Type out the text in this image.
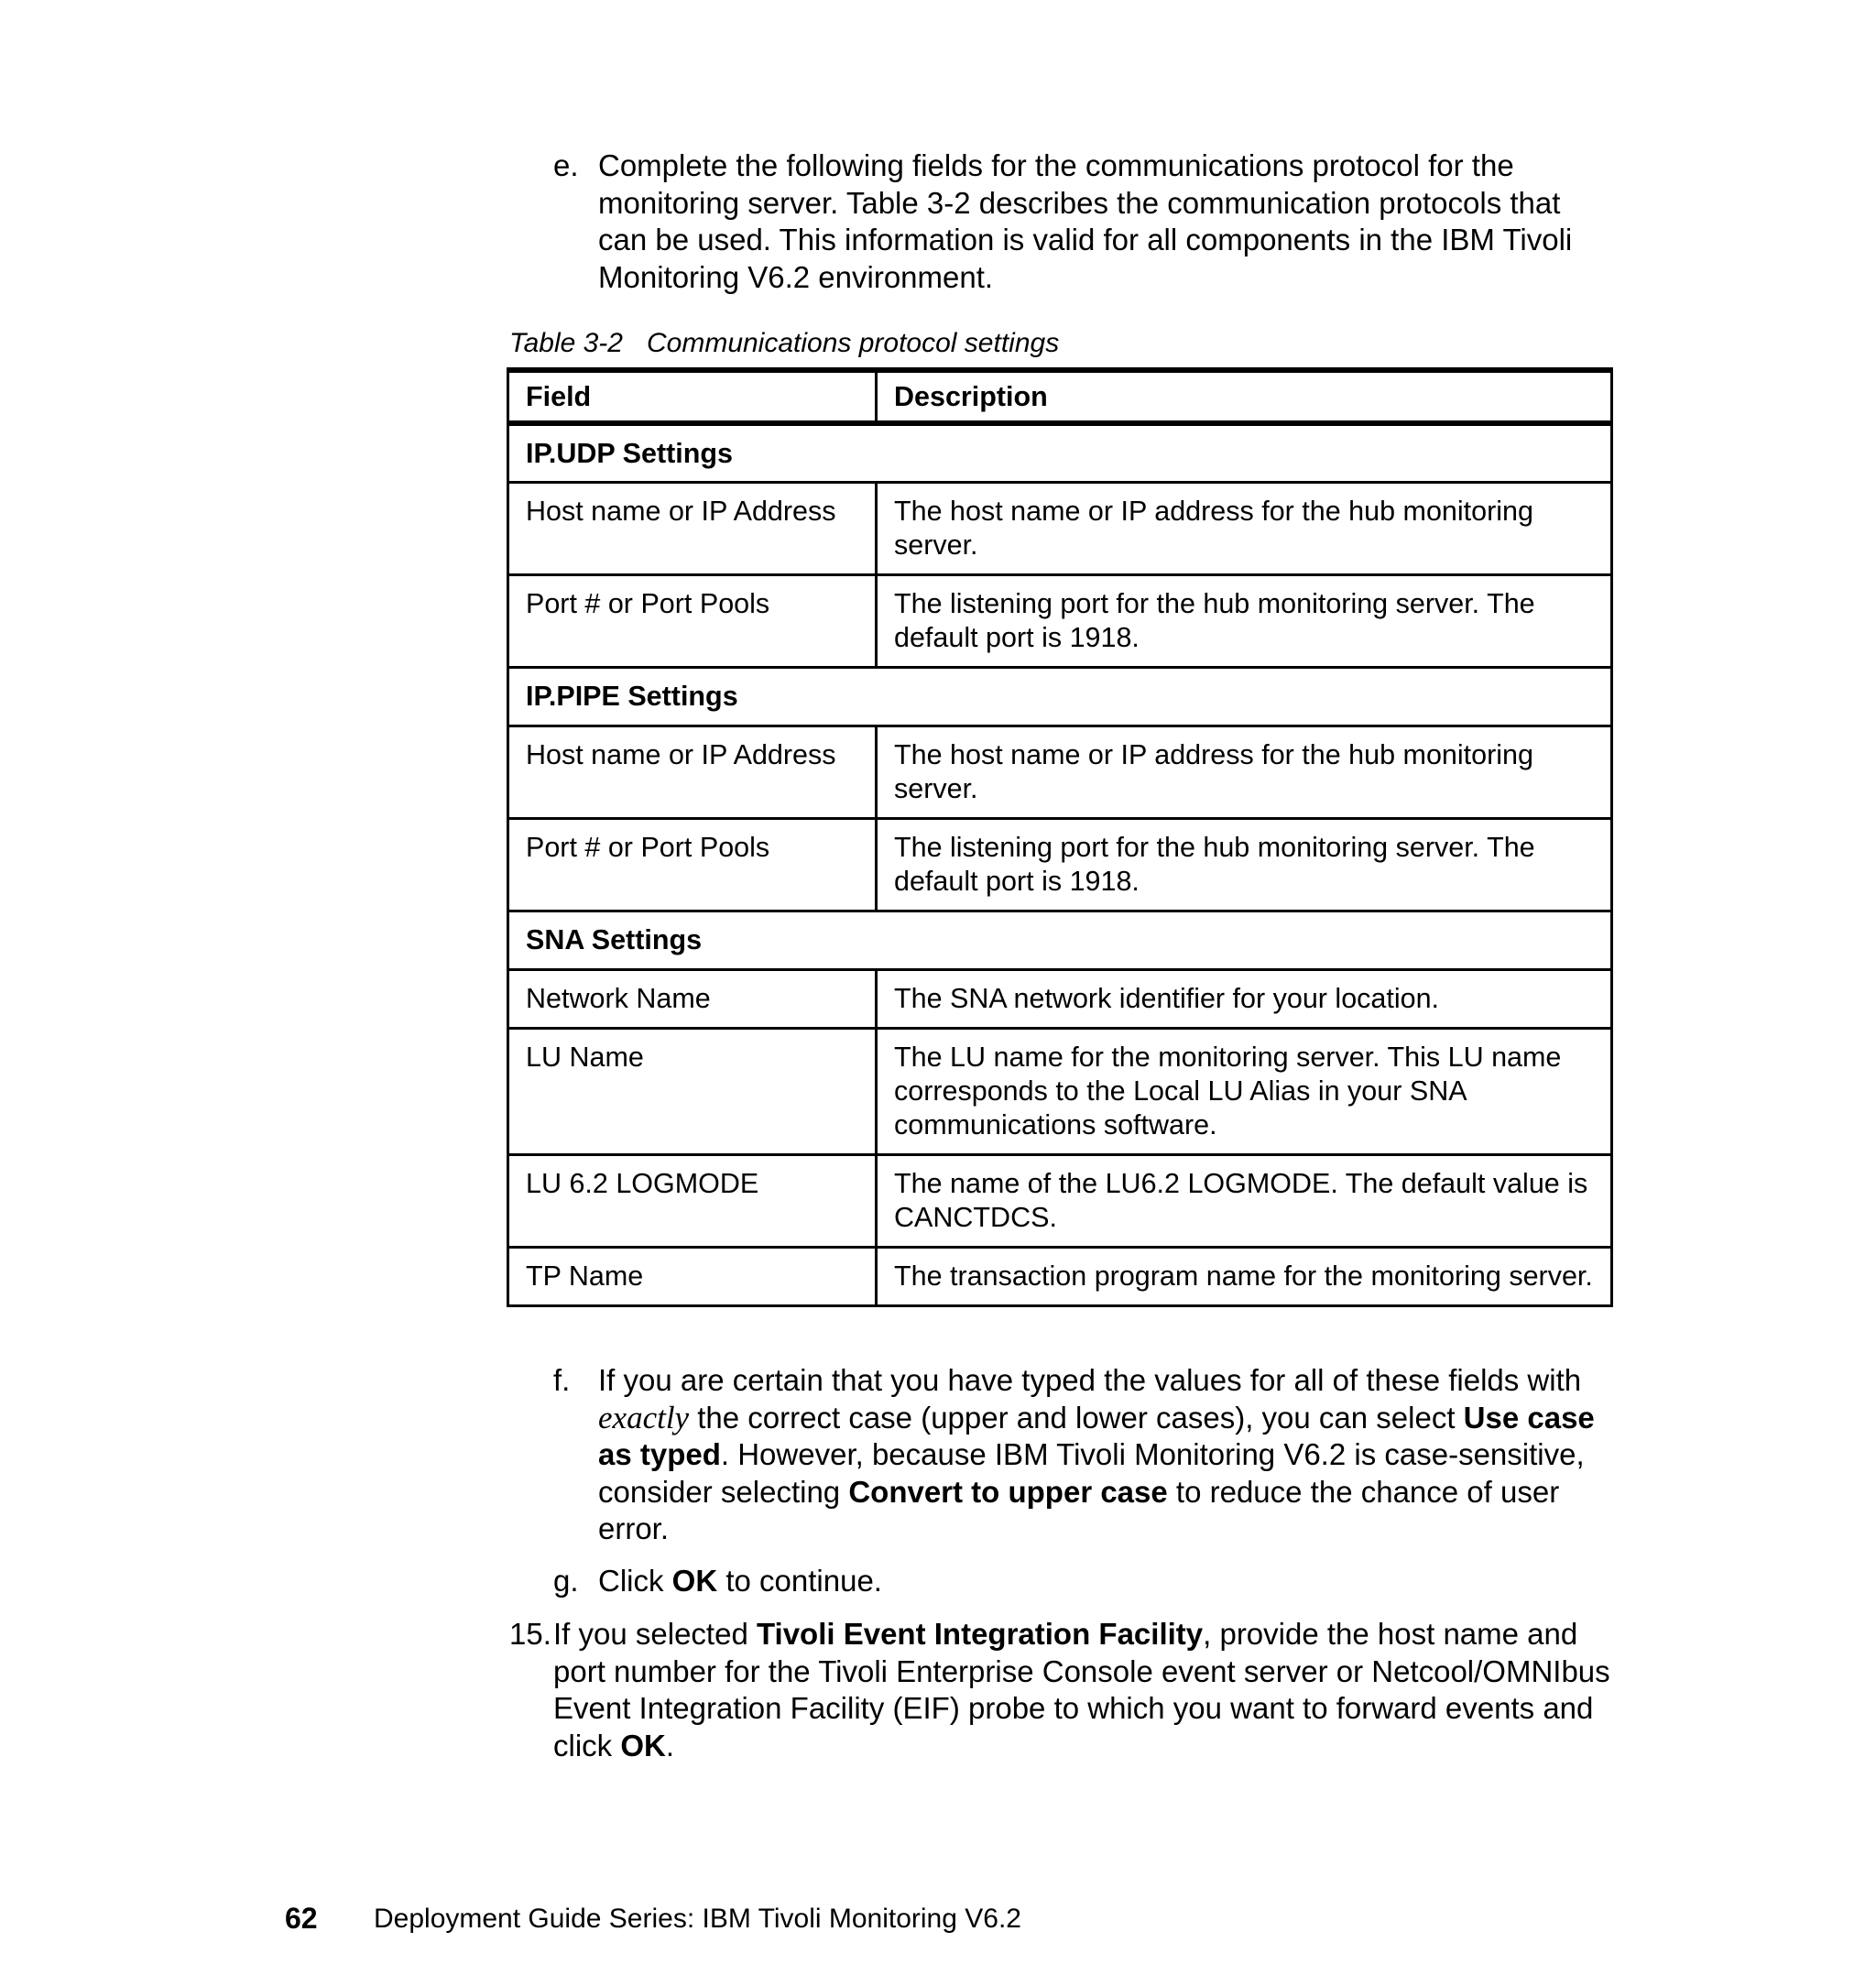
e. Complete the following fields for the communications protocol for the monitoring server. Table 3-2 describes the communication protocols that can be used. This information is valid for all components in the IBM Tivoli Monitoring V6.2 environment.

Table 3-2 Communications protocol settings
Field	Description
IP.UDP Settings	
Host name or IP Address	The host name or IP address for the hub monitoring server.
Port # or Port Pools	The listening port for the hub monitoring server. The default port is 1918.
IP.PIPE Settings	
Host name or IP Address	The host name or IP address for the hub monitoring server.
Port # or Port Pools	The listening port for the hub monitoring server. The default port is 1918.
SNA Settings	
Network Name	The SNA network identifier for your location.
LU Name	The LU name for the monitoring server. This LU name corresponds to the Local LU Alias in your SNA communications software.
LU 6.2 LOGMODE	The name of the LU6.2 LOGMODE. The default value is CANCTDCS.
TP Name	The transaction program name for the monitoring server.
f. If you are certain that you have typed the values for all of these fields with exactly the correct case (upper and lower cases), you can select Use case as typed. However, because IBM Tivoli Monitoring V6.2 is case-sensitive, consider selecting Convert to upper case to reduce the chance of user error.

g. Click OK to continue.

15. If you selected Tivoli Event Integration Facility, provide the host name and port number for the Tivoli Enterprise Console event server or Netcool/OMNIbus Event Integration Facility (EIF) probe to which you want to forward events and click OK.

62 Deployment Guide Series: IBM Tivoli Monitoring V6.2
